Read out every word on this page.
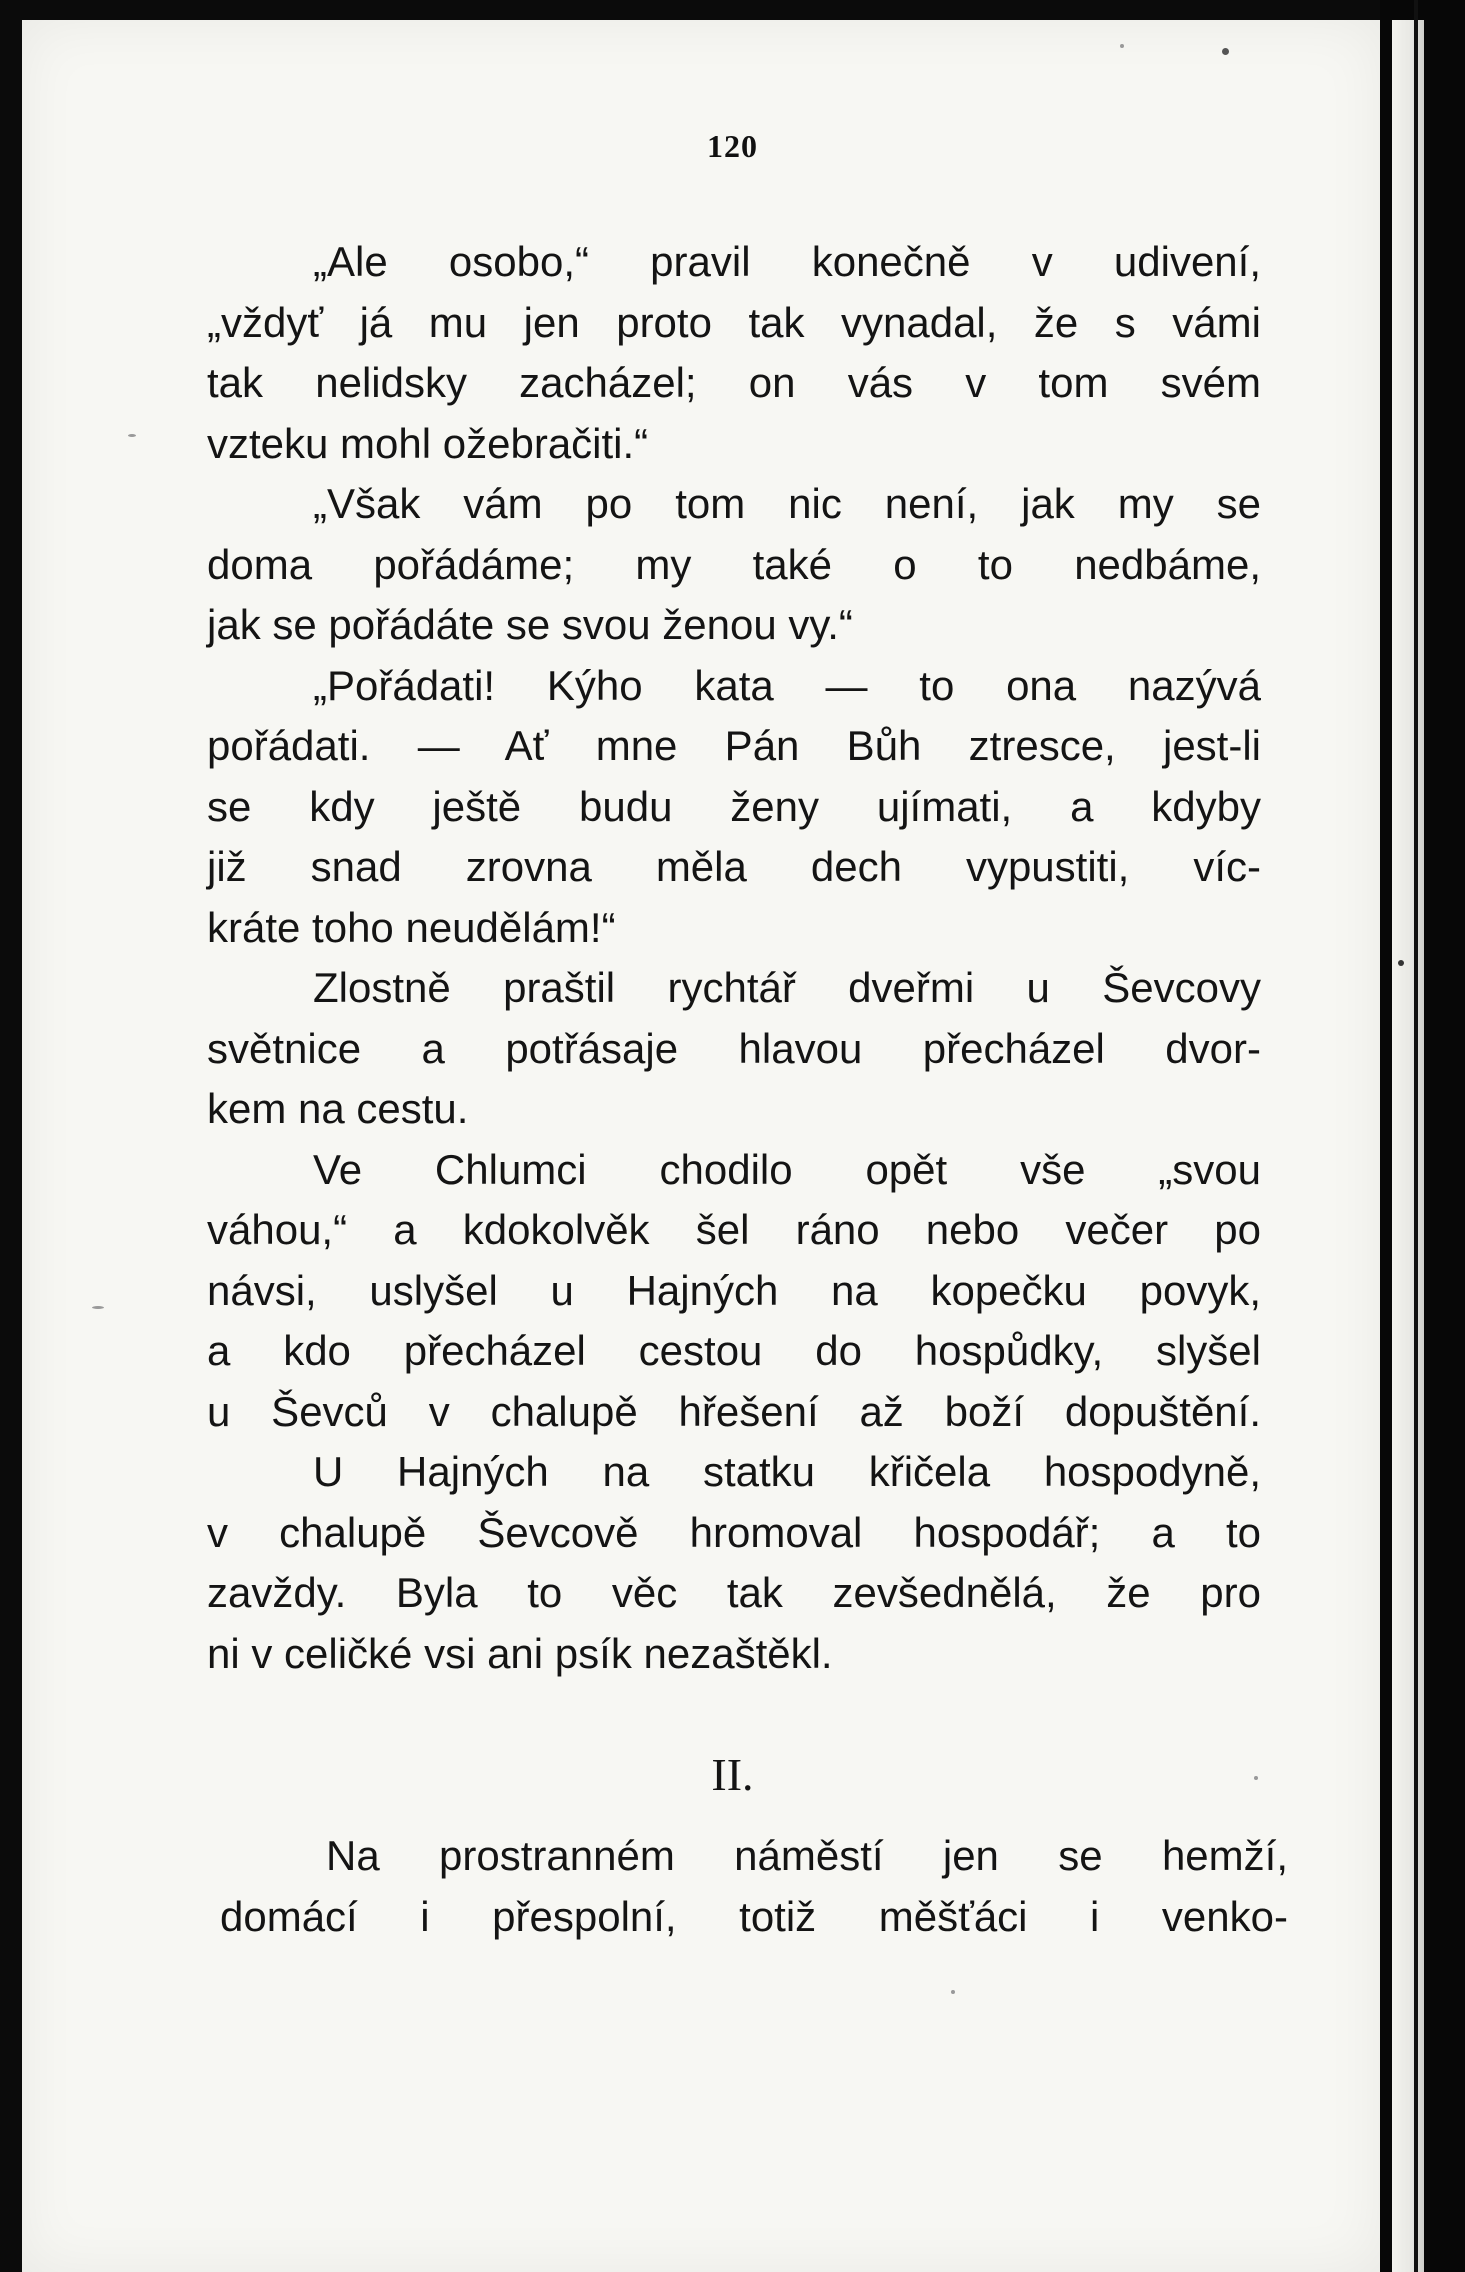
120
„Ale osobo,“ pravil konečně v udivení,
„vždyť já mu jen proto tak vynadal, že s vámi
tak nelidsky zacházel; on vás v tom svém
vzteku mohl ožebračiti.“
„Však vám po tom nic není, jak my se
doma pořádáme; my také o to nedbáme,
jak se pořádáte se svou ženou vy.“
„Pořádati! Kýho kata — to ona nazývá
pořádati. — Ať mne Pán Bůh ztresce, jest-li
se kdy ještě budu ženy ujímati, a kdyby
již snad zrovna měla dech vypustiti, víc-
kráte toho neudělám!“
Zlostně praštil rychtář dveřmi u Ševcovy
světnice a potřásaje hlavou přecházel dvor-
kem na cestu.
Ve Chlumci chodilo opět vše „svou
váhou,“ a kdokolvěk šel ráno nebo večer po
návsi, uslyšel u Hajných na kopečku povyk,
a kdo přecházel cestou do hospůdky, slyšel
u Ševců v chalupě hřešení až boží dopuštění.
U Hajných na statku křičela hospodyně,
v chalupě Ševcově hromoval hospodář; a to
zavždy. Byla to věc tak zevšednělá, že pro
ni v celičké vsi ani psík nezaštěkl.
II.
Na prostranném náměstí jen se hemží,
domácí i přespolní, totiž měšťáci i venko-
